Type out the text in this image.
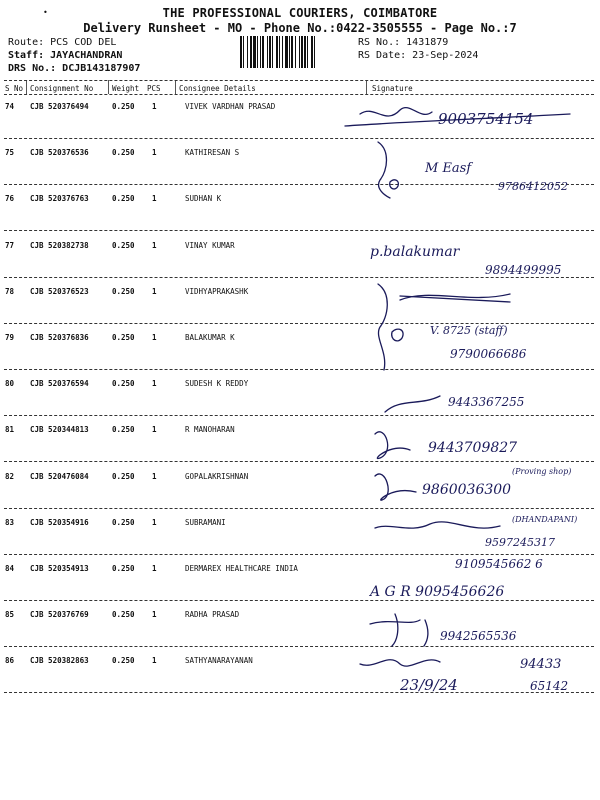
•	THE PROFESSIONAL COURIERS, COIMBATORE
Delivery Runsheet - MO - Phone No.:0422-3505555 - Page No.:7
Route: PCS COD DEL
Staff: JAYACHANDRAN
DRS No.: DCJB143187907
RS No.: 1431879
RS Date: 23-Sep-2024
S No Consignment No	Weight PCS Consignee Details	Signature
74 CJB 520376494	0.250 1	VIVEK VARDHAN PRASAD
75 CJB 520376536	0.250 1	KATHIRESAN S
76 CJB 520376763	0.250 1	SUDHAN K
77 CJB 520382738	0.250 1	VINAY KUMAR
78 CJB 520376523	0.250 1	VIDHYAPRAKASHK
79 CJB 520376836	0.250 1	BALAKUMAR K
80 CJB 520376594	0.250 1	SUDESH K REDDY
81 CJB 520344813	0.250 1	R MANOHARAN
82 CJB 520476084	0.250 1	GOPALAKRISHNAN
83 CJB 520354916	0.250 1	SUBRAMANI
84 CJB 520354913	0.250 1	DERMAREX HEALTHCARE INDIA
85 CJB 520376769	0.250 1	RADHA PRASAD
86 CJB 520382863	0.250 1	SATHYANARAYANAN
9003754154
M Easf
9786412052
p.balakumar
9894499995
V. 8725 (staff)
9790066686
9443367255
9443709827
(Proving shop)
9860036300
(DHANDAPANI)
9597245317
9109545662 6
A G R 9095456626
9942565536
23/9/24
94433
65142
